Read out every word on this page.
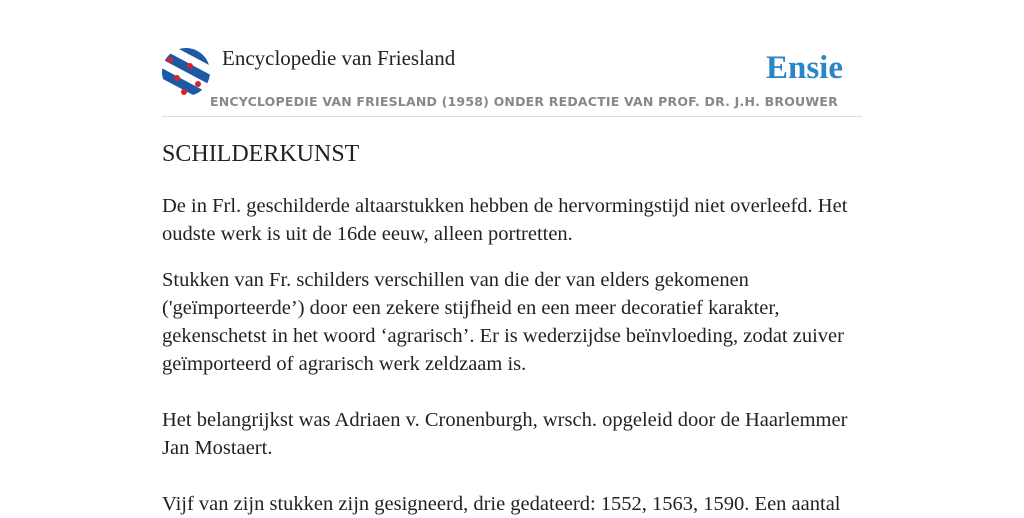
Encyclopedie van Friesland	Ensie
ENCYCLOPEDIE VAN FRIESLAND (1958) ONDER REDACTIE VAN PROF. DR. J.H. BROUWER
SCHILDERKUNST

De in Frl. geschilderde altaarstukken hebben de hervormingstijd niet overleefd. Het oudste werk is uit de 16de eeuw, alleen portretten.

Stukken van Fr. schilders verschillen van die der van elders gekomenen ('geïmporteerde’) door een zekere stijfheid en een meer decoratief karakter, gekenschetst in het woord ‘agrarisch’. Er is wederzijdse beïnvloeding, zodat zuiver geïmporteerd of agrarisch werk zeldzaam is.

Het belangrijkst was Adriaen v. Cronenburgh, wrsch. opgeleid door de Haarlemmer Jan Mostaert.

Vijf van zijn stukken zijn gesigneerd, drie gedateerd: 1552, 1563, 1590. Een aantal
